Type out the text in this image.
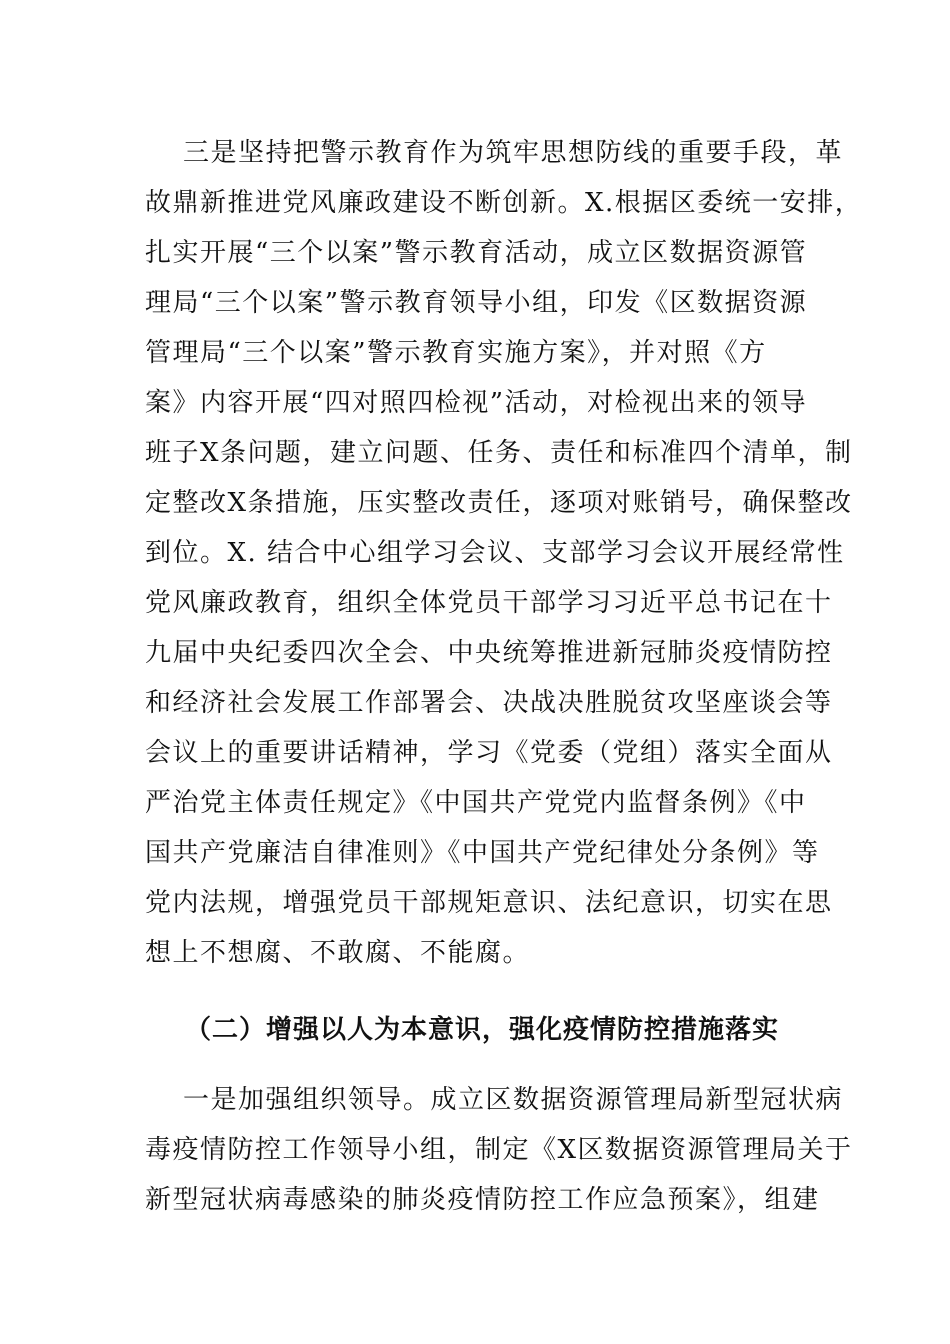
三是坚持把警示教育作为筑牢思想防线的重要手段，革
故鼎新推进党风廉政建设不断创新。X.根据区委统一安排，
扎实开展“三个以案”警示教育活动，成立区数据资源管
理局“三个以案”警示教育领导小组，印发《区数据资源
管理局“三个以案”警示教育实施方案》，并对照《方
案》内容开展“四对照四检视”活动，对检视出来的领导
班子X条问题，建立问题、任务、责任和标准四个清单，制
定整改X条措施，压实整改责任，逐项对账销号，确保整改
到位。X. 结合中心组学习会议、支部学习会议开展经常性
党风廉政教育，组织全体党员干部学习习近平总书记在十
九届中央纪委四次全会、中央统筹推进新冠肺炎疫情防控
和经济社会发展工作部署会、决战决胜脱贫攻坚座谈会等
会议上的重要讲话精神，学习《党委（党组）落实全面从
严治党主体责任规定》《中国共产党党内监督条例》《中
国共产党廉洁自律准则》《中国共产党纪律处分条例》等
党内法规，增强党员干部规矩意识、法纪意识，切实在思
想上不想腐、不敢腐、不能腐。
（二）增强以人为本意识，强化疫情防控措施落实
一是加强组织领导。成立区数据资源管理局新型冠状病
毒疫情防控工作领导小组，制定《X区数据资源管理局关于
新型冠状病毒感染的肺炎疫情防控工作应急预案》，组建
